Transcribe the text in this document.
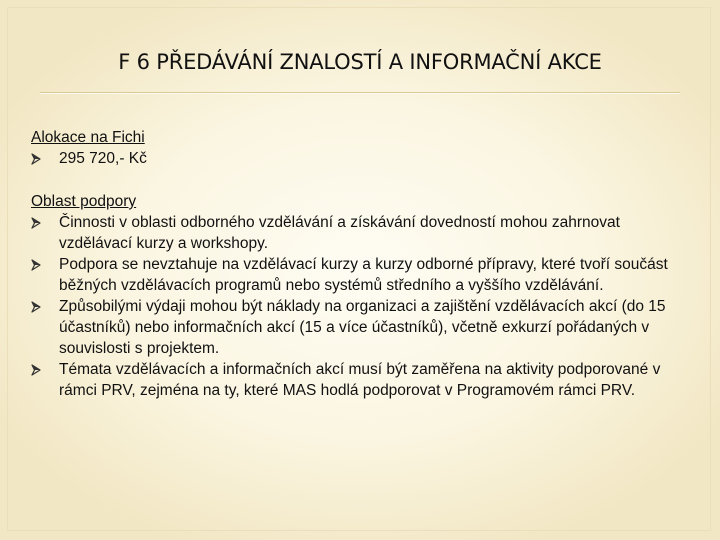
F 6 PŘEDÁVÁNÍ ZNALOSTÍ A INFORMAČNÍ AKCE

Alokace na Fichi

295 720,- Kč

Oblast podpory

Činnosti v oblasti odborného vzdělávání a získávání dovedností mohou zahrnovat vzdělávací kurzy a workshopy.
Podpora se nevztahuje na vzdělávací kurzy a kurzy odborné přípravy, které tvoří součást běžných vzdělávacích programů nebo systémů středního a vyššího vzdělávání.
Způsobilými výdaji mohou být náklady na organizaci a zajištění vzdělávacích akcí (do 15 účastníků) nebo informačních akcí (15 a více účastníků), včetně exkurzí pořádaných v souvislosti s projektem.
Témata vzdělávacích a informačních akcí musí být zaměřena na aktivity podporované v rámci PRV, zejména na ty, které MAS hodlá podporovat v Programovém rámci PRV.
